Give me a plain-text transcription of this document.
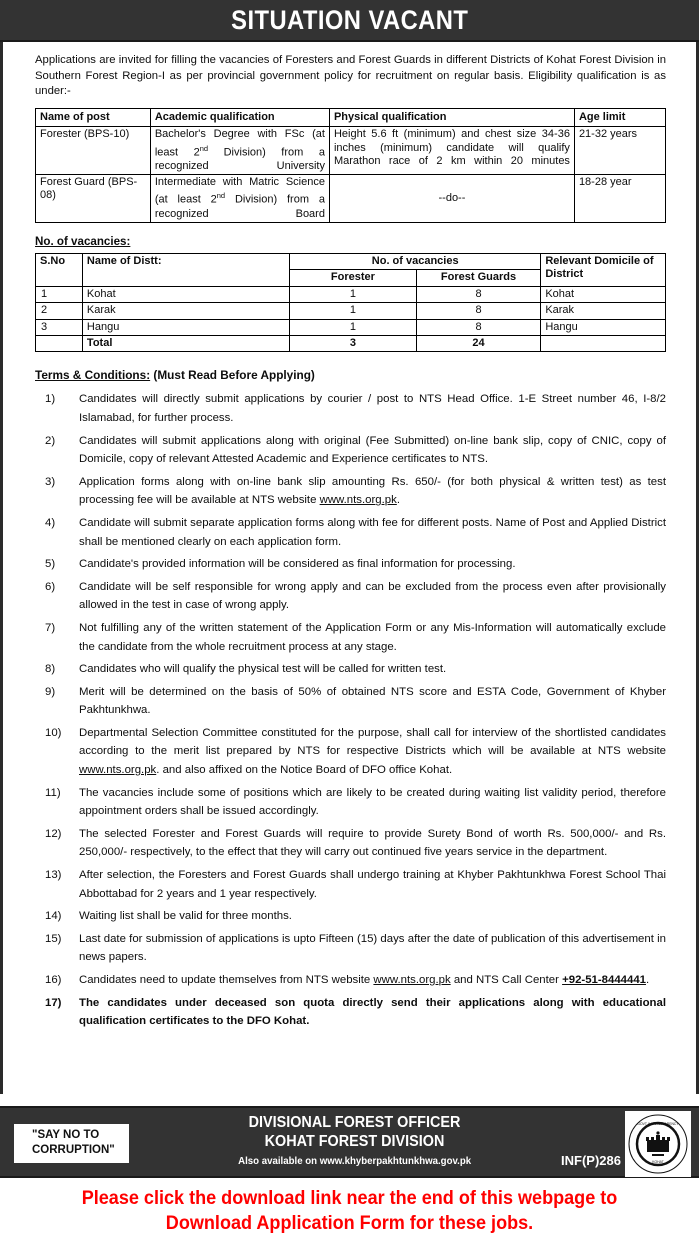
SITUATION VACANT

Applications are invited for filling the vacancies of Foresters and Forest Guards in different Districts of Kohat Forest Division in Southern Forest Region-I as per provincial government policy for recruitment on regular basis. Eligibility qualification is as under:-

Name of post	Academic qualification	Physical qualification	Age limit
Forester (BPS-10)	Bachelor's Degree with FSc (at least 2nd Division) from a recognized University	Height 5.6 ft (minimum) and chest size 34-36 inches (minimum) candidate will qualify Marathon race of 2 km within 20 minutes	21-32 years
Forest Guard (BPS-08)	Intermediate with Matric Science (at least 2nd Division) from a recognized Board	--do--	18-28 year
No. of vacancies:
S.No	Name of Distt:	No. of vacancies		Relevant Domicile of District
		Forester	Forest Guards	
1	Kohat	1	8	Kohat
2	Karak	1	8	Karak
3	Hangu	1	8	Hangu
	Total	3	24	
Terms & Conditions: (Must Read Before Applying)
1)	Candidates will directly submit applications by courier / post to NTS Head Office. 1-E Street number 46, I-8/2 Islamabad, for further process.
2)	Candidates will submit applications along with original (Fee Submitted) on-line bank slip, copy of CNIC, copy of Domicile, copy of relevant Attested Academic and Experience certificates to NTS.
3)	Application forms along with on-line bank slip amounting Rs. 650/- (for both physical & written test) as test processing fee will be available at NTS website www.nts.org.pk.
4)	Candidate will submit separate application forms along with fee for different posts. Name of Post and Applied District shall be mentioned clearly on each application form.
5)	Candidate's provided information will be considered as final information for processing.
6)	Candidate will be self responsible for wrong apply and can be excluded from the process even after provisionally allowed in the test in case of wrong apply.
7)	Not fulfilling any of the written statement of the Application Form or any Mis-Information will automatically exclude the candidate from the whole recruitment process at any stage.
8)	Candidates who will qualify the physical test will be called for written test.
9)	Merit will be determined on the basis of 50% of obtained NTS score and ESTA Code, Government of Khyber Pakhtunkhwa.
10)	Departmental Selection Committee constituted for the purpose, shall call for interview of the shortlisted candidates according to the merit list prepared by NTS for respective Districts which will be available at NTS website www.nts.org.pk. and also affixed on the Notice Board of DFO office Kohat.
11)	The vacancies include some of positions which are likely to be created during waiting list validity period, therefore appointment orders shall be issued accordingly.
12)	The selected Forester and Forest Guards will require to provide Surety Bond of worth Rs. 500,000/- and Rs. 250,000/- respectively, to the effect that they will carry out continued five years service in the department.
13)	After selection, the Foresters and Forest Guards shall undergo training at Khyber Pakhtunkhwa Forest School Thai Abbottabad for 2 years and 1 year respectively.
14)	Waiting list shall be valid for three months.
15)	Last date for submission of applications is upto Fifteen (15) days after the date of publication of this advertisement in news papers.
16)	Candidates need to update themselves from NTS website www.nts.org.pk and NTS Call Center +92-51-8444441.
17)	The candidates under deceased son quota directly send their applications along with educational qualification certificates to the DFO Kohat.
"SAY NO TO
CORRUPTION"
DIVISIONAL FOREST OFFICER
KOHAT FOREST DIVISION
Also available on www.khyberpakhtunkhwa.gov.pk	INF(P)286
GOVT & TRANSPARENCY
KOHAT
Please click the download link near the end of this webpage to
Download Application Form for these jobs.
